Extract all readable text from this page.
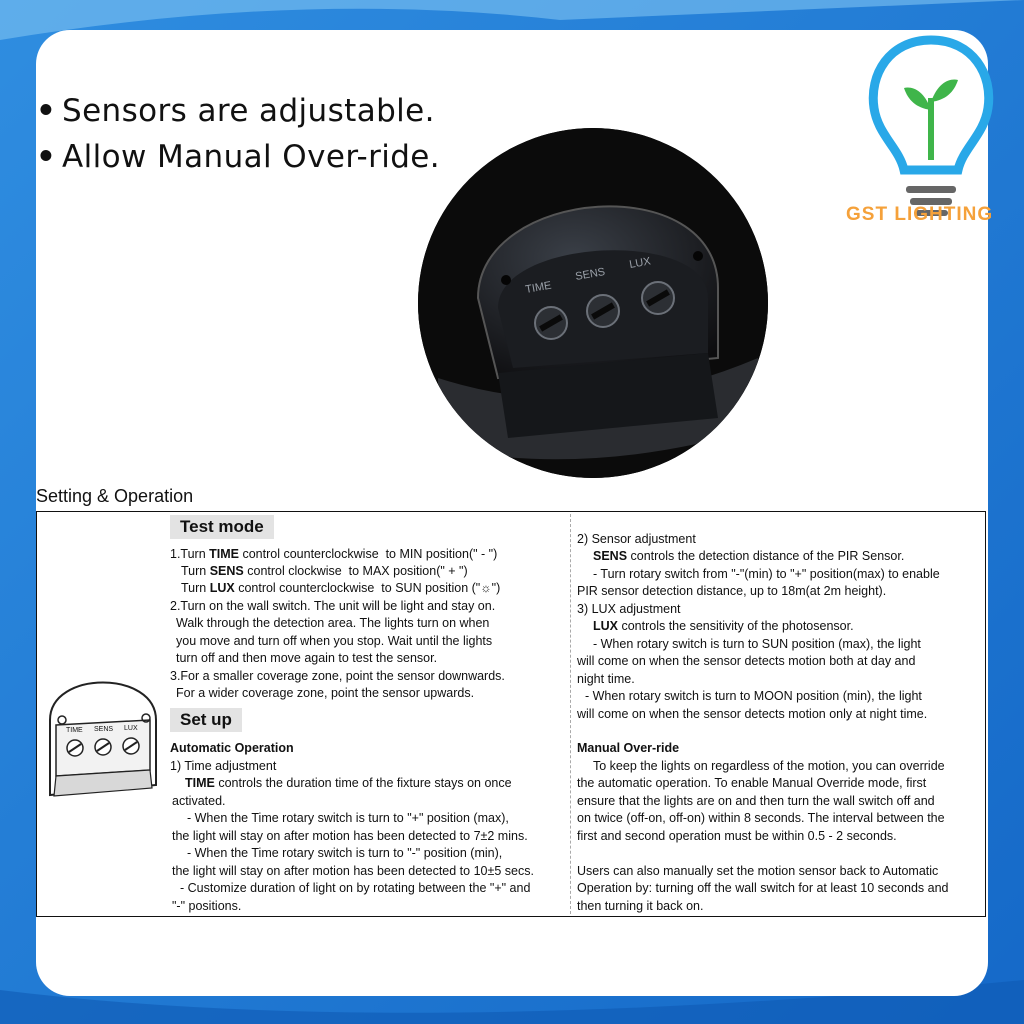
• Sensors are adjustable.
• Allow Manual Over-ride.
GST LIGHTING
TIME
SENS
LUX
Setting & Operation
TIME SENS LUX
Test mode
1.Turn TIME control counterclockwise  to MIN position(" - ")
Turn SENS control clockwise  to MAX position(" + ")
Turn LUX control counterclockwise  to SUN position ("☼")
2.Turn on the wall switch. The unit will be light and stay on.
Walk through the detection area. The lights turn on when
you move and turn off when you stop. Wait until the lights
turn off and then move again to test the sensor.
3.For a smaller coverage zone, point the sensor downwards.
For a wider coverage zone, point the sensor upwards.
Set up
Automatic Operation
1) Time adjustment
TIME controls the duration time of the fixture stays on once
activated.
- When the Time rotary switch is turn to "+" position (max),
the light will stay on after motion has been detected to 7±2 mins.
- When the Time rotary switch is turn to "-" position (min),
the light will stay on after motion has been detected to 10±5 secs.
- Customize duration of light on by rotating between the "+" and
"-" positions.
2) Sensor adjustment
SENS controls the detection distance of the PIR Sensor.
- Turn rotary switch from "-"(min) to "+" position(max) to enable
PIR sensor detection distance, up to 18m(at 2m height).
3) LUX adjustment
LUX controls the sensitivity of the photosensor.
- When rotary switch is turn to SUN position (max), the light
will come on when the sensor detects motion both at day and
night time.
- When rotary switch is turn to MOON position (min), the light
will come on when the sensor detects motion only at night time.
Manual Over-ride
To keep the lights on regardless of the motion, you can override
the automatic operation. To enable Manual Override mode, first
ensure that the lights are on and then turn the wall switch off and
on twice (off-on, off-on) within 8 seconds. The interval between the
first and second operation must be within 0.5 - 2 seconds.
Users can also manually set the motion sensor back to Automatic
Operation by: turning off the wall switch for at least 10 seconds and
then turning it back on.
